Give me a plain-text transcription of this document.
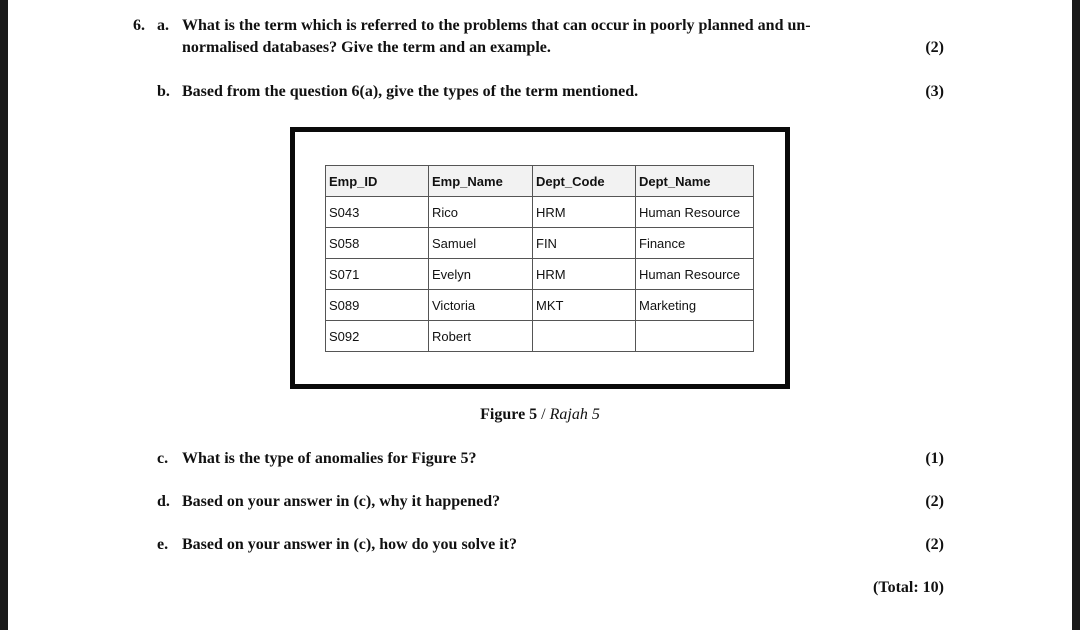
6. a. What is the term which is referred to the problems that can occur in poorly planned and un-
normalised databases? Give the term and an example.	(2)
b. Based from the question 6(a), give the types of the term mentioned.	(3)
Emp_ID	Emp_Name	Dept_Code	Dept_Name
S043	Rico	HRM	Human Resource
S058	Samuel	FIN	Finance
S071	Evelyn	HRM	Human Resource
S089	Victoria	MKT	Marketing
S092	Robert		
Figure 5 / Rajah 5
c. What is the type of anomalies for Figure 5?	(1)
d. Based on your answer in (c), why it happened?	(2)
e. Based on your answer in (c), how do you solve it?	(2)
(Total: 10)
